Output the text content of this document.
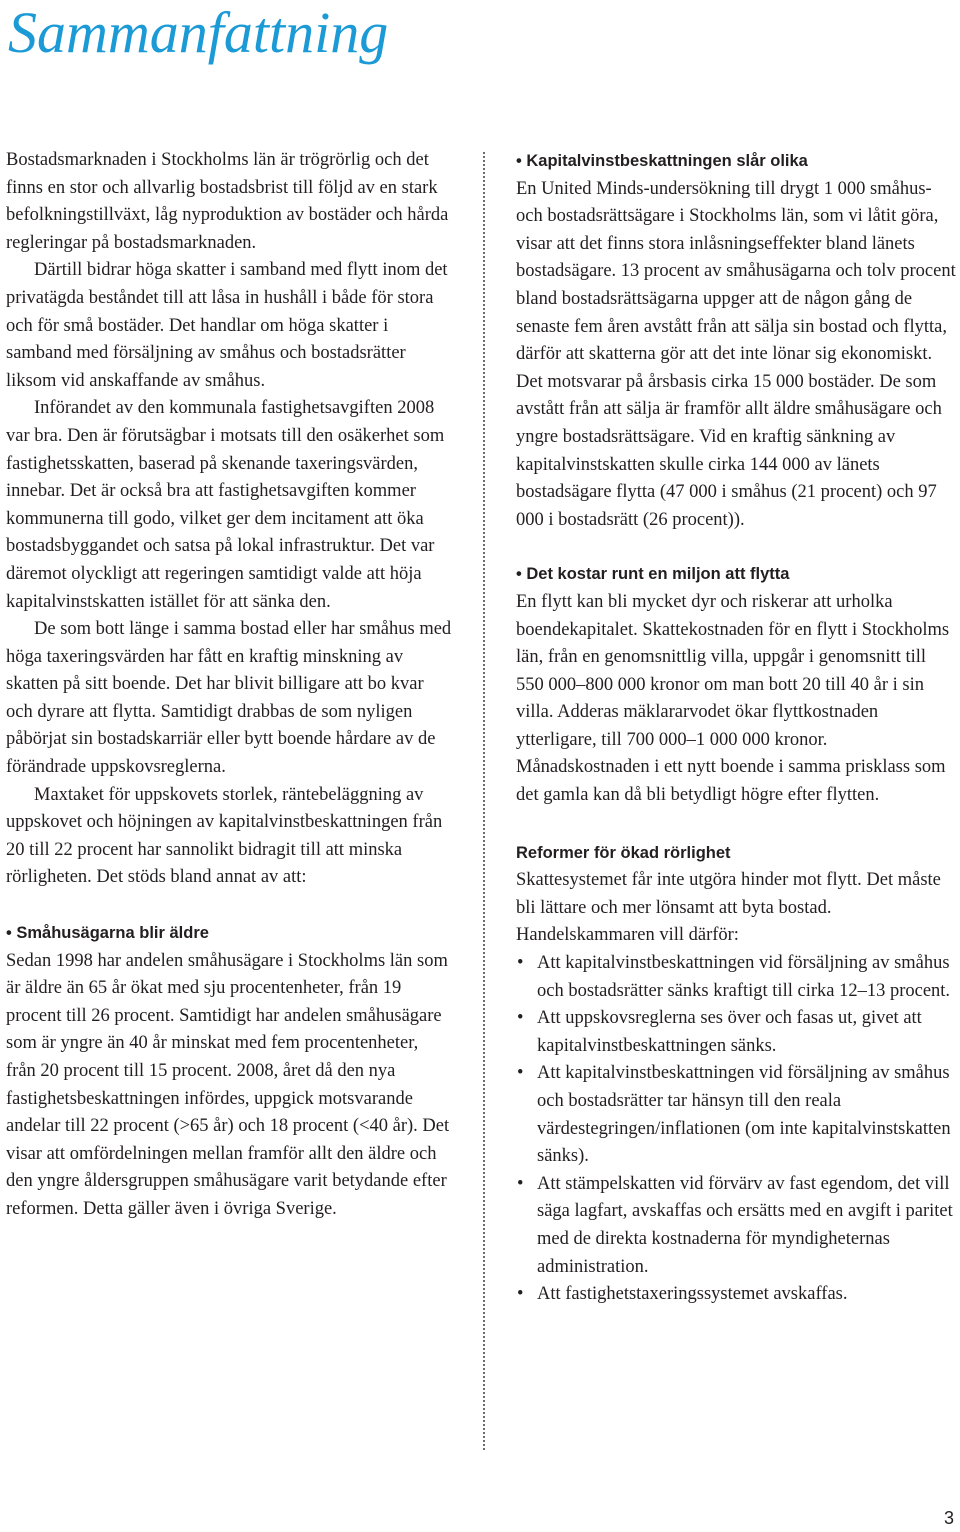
Sammanfattning

Bostadsmarknaden i Stockholms län är trögrörlig och det finns en stor och allvarlig bostadsbrist till följd av en stark befolkningstillväxt, låg nyproduktion av bostäder och hårda regleringar på bostadsmarknaden.

Därtill bidrar höga skatter i samband med flytt inom det privatägda beståndet till att låsa in hushåll i både för stora och för små bostäder. Det handlar om höga skatter i samband med försäljning av småhus och bostadsrätter liksom vid anskaffande av småhus.

Införandet av den kommunala fastighetsavgiften 2008 var bra. Den är förutsägbar i motsats till den osäkerhet som fastighetsskatten, baserad på skenande taxeringsvärden, innebar. Det är också bra att fastighetsavgiften kommer kommunerna till godo, vilket ger dem incitament att öka bostadsbyggandet och satsa på lokal infrastruktur. Det var däremot olyckligt att regeringen samtidigt valde att höja kapitalvinstskatten istället för att sänka den.

De som bott länge i samma bostad eller har småhus med höga taxeringsvärden har fått en kraftig minskning av skatten på sitt boende. Det har blivit billigare att bo kvar och dyrare att flytta. Samtidigt drabbas de som nyligen påbörjat sin bostadskarriär eller bytt boende hårdare av de förändrade uppskovsreglerna.

Maxtaket för uppskovets storlek, räntebeläggning av uppskovet och höjningen av kapitalvinstbeskattningen från 20 till 22 procent har sannolikt bidragit till att minska rörligheten. Det stöds bland annat av att:

• Småhusägarna blir äldre

Sedan 1998 har andelen småhusägare i Stockholms län som är äldre än 65 år ökat med sju procentenheter, från 19 procent till 26 procent. Samtidigt har andelen småhusägare som är yngre än 40 år minskat med fem procentenheter, från 20 procent till 15 procent. 2008, året då den nya fastighetsbeskattningen infördes, uppgick motsvarande andelar till 22 procent (>65 år) och 18 procent (<40 år). Det visar att omfördelningen mellan framför allt den äldre och den yngre åldersgruppen småhusägare varit betydande efter reformen. Detta gäller även i övriga Sverige.

• Kapitalvinstbeskattningen slår olika

En United Minds-undersökning till drygt 1 000 småhus- och bostadsrättsägare i Stockholms län, som vi låtit göra, visar att det finns stora inlåsningseffekter bland länets bostadsägare. 13 procent av småhusägarna och tolv procent bland bostadsrättsägarna uppger att de någon gång de senaste fem åren avstått från att sälja sin bostad och flytta, därför att skatterna gör att det inte lönar sig ekonomiskt. Det motsvarar på årsbasis cirka 15 000 bostäder. De som avstått från att sälja är framför allt äldre småhusägare och yngre bostadsrättsägare. Vid en kraftig sänkning av kapitalvinstskatten skulle cirka 144 000 av länets bostadsägare flytta (47 000 i småhus (21 procent) och 97 000 i bostadsrätt (26 procent)).

• Det kostar runt en miljon att flytta

En flytt kan bli mycket dyr och riskerar att urholka boendekapitalet. Skattekostnaden för en flytt i Stockholms län, från en genomsnittlig villa, uppgår i genomsnitt till 550 000–800 000 kronor om man bott 20 till 40 år i sin villa. Adderas mäklararvodet ökar flyttkostnaden ytterligare, till 700 000–1 000 000 kronor. Månadskostnaden i ett nytt boende i samma prisklass som det gamla kan då bli betydligt högre efter flytten.

Reformer för ökad rörlighet

Skattesystemet får inte utgöra hinder mot flytt. Det måste bli lättare och mer lönsamt att byta bostad. Handelskammaren vill därför:

• Att kapitalvinstbeskattningen vid försäljning av småhus och bostadsrätter sänks kraftigt till cirka 12–13 procent.
• Att uppskovsreglerna ses över och fasas ut, givet att kapitalvinstbeskattningen sänks.
• Att kapitalvinstbeskattningen vid försäljning av småhus och bostadsrätter tar hänsyn till den reala värdestegringen/inflationen (om inte kapitalvinstskatten sänks).
• Att stämpelskatten vid förvärv av fast egendom, det vill säga lagfart, avskaffas och ersätts med en avgift i paritet med de direkta kostnaderna för myndigheternas administration.
• Att fastighetstaxeringssystemet avskaffas.
3
